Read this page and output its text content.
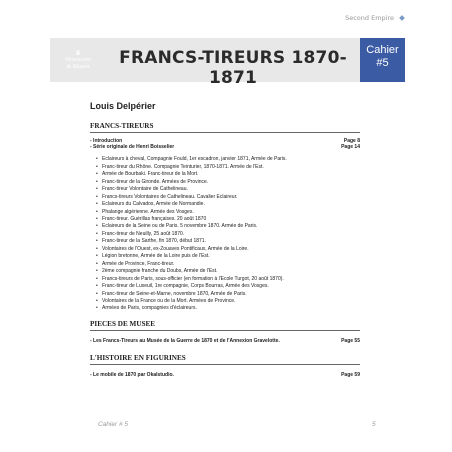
Second Empire
♛
Vinsessons
& Blason	FRANCS-TIREURS 1870-1871
Cahier
#5
Louis Delpérier
FRANCS-TIREURS
- Introduction	Page 8
- Série originale de Henri Boisselier	Page 14
• Eclaireurs à cheval, Compagnie Fould, 1er escadron, janvier 1871, Armée de Paris.
• Franc-tireur du Rhône. Compagnie Teinturier, 1870-1871. Armée de l'Est.
• Armée de Bourbaki. Franc-tireur de la Mort.
• Franc-tireur de la Gironde. Armées de Province.
• Franc-tireur Volontaire de Cathelineau.
• Francs-tireurs Volontaires de Cathelineau. Cavalier Eclaireur.
• Eclaireurs du Calvados, Armée de Normandie.
• Phalange algérienne. Armée des Vosges.
• Franc-tireur. Guérillas françaises. 20 août 1870
• Eclaireurs de la Seine ou de Paris. 5 novembre 1870. Armée de Paris.
• Franc-tireur de Neuilly, 25 août 1870.
• Franc-tireur de la Sarthe, fin 1870, début 1871.
• Volontaires de l'Ouest, ex-Zouaves Pontificaux, Armée de la Loire.
• Légion bretonne, Armée de la Loire puis de l'Est.
• Armée de Province, Franc-tireur.
• 2ème compagnie franche du Doubs, Armée de l'Est.
• Francs-tireurs de Paris, sous-officier (en formation à l'Ecole Turgot, 20 août 1870).
• Franc-tireur de Luxeuil, 1re compagnie, Corps Bourras, Armée des Vosges.
• Franc-tireur de Seine-et-Marne, novembre 1870, Armée de Paris.
• Volontaires de la France ou de la Mort. Armées de Province.
• Armées de Paris, compagnies d'éclaireurs.
PIECES DE MUSEE
- Les Francs-Tireurs au Musée de la Guerre de 1870 et de l'Annexion Gravelotte.	Page 55
L'HISTOIRE EN FIGURINES
- Le mobile de 1870 par Okalstudio.	Page 59
Cahier # 5	5
